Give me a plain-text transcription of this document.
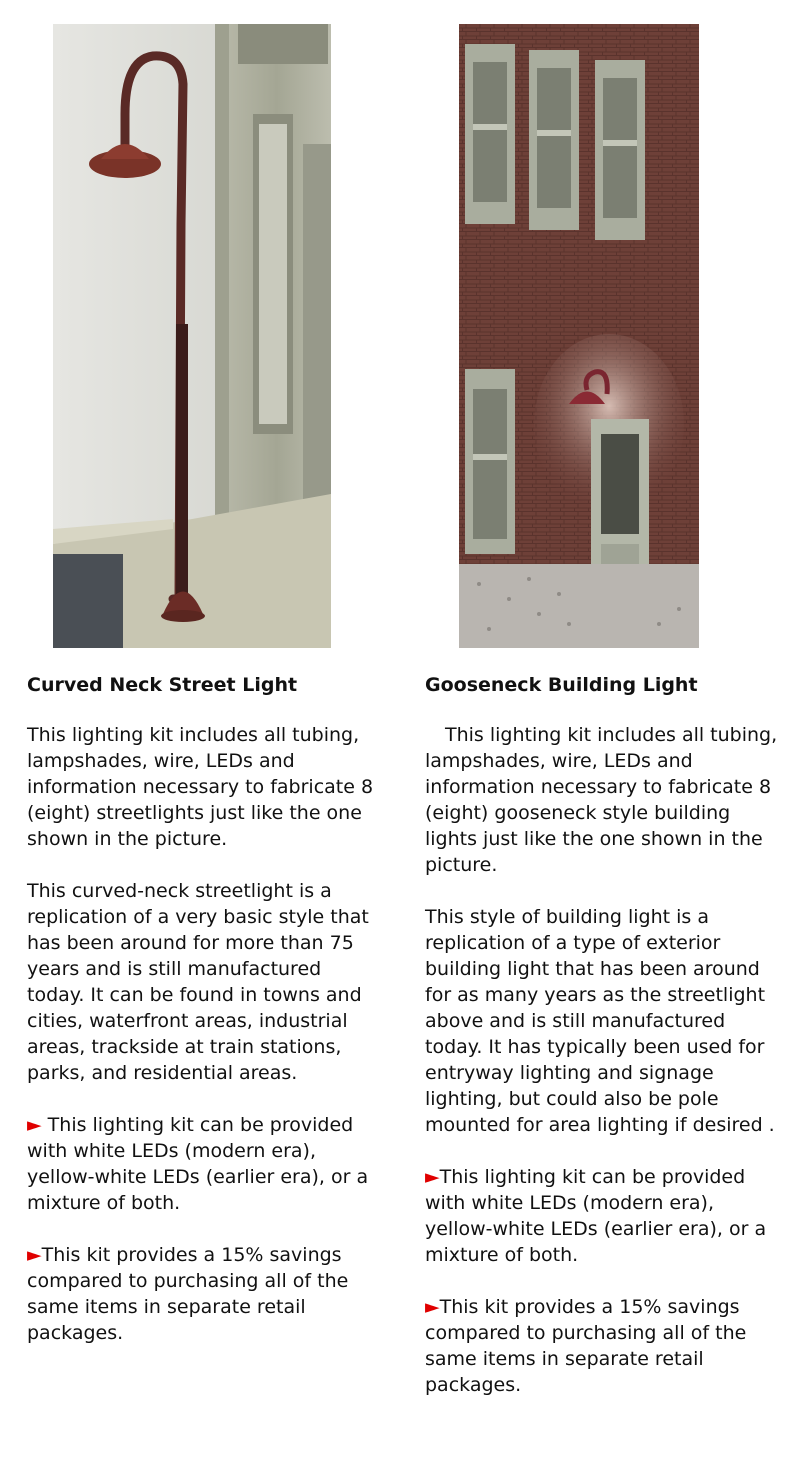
Curved Neck Street Light

This lighting kit includes all tubing, lampshades, wire, LEDs and information necessary to fabricate 8 (eight) streetlights just like the one shown in the picture.

This curved-neck streetlight is a replication of a very basic style that has been around for more than 75 years and is still manufactured today. It can be found in towns and cities, waterfront areas, industrial areas, trackside at train stations, parks, and residential areas.

► This lighting kit can be provided with white LEDs (modern era), yellow-white LEDs (earlier era), or a mixture of both.

►This kit provides a 15% savings compared to purchasing all of the same items in separate retail packages.

Gooseneck Building Light

This lighting kit includes all tubing, lampshades, wire, LEDs and information necessary to fabricate 8 (eight) gooseneck style building lights just like the one shown in the picture.

This style of building light is a replication of a type of exterior building light that has been around for as many years as the streetlight above and is still manufactured today. It has typically been used for entryway lighting and signage lighting, but could also be pole mounted for area lighting if desired .

►This lighting kit can be provided with white LEDs (modern era), yellow-white LEDs (earlier era), or a mixture of both.

►This kit provides a 15% savings compared to purchasing all of the same items in separate retail packages.
